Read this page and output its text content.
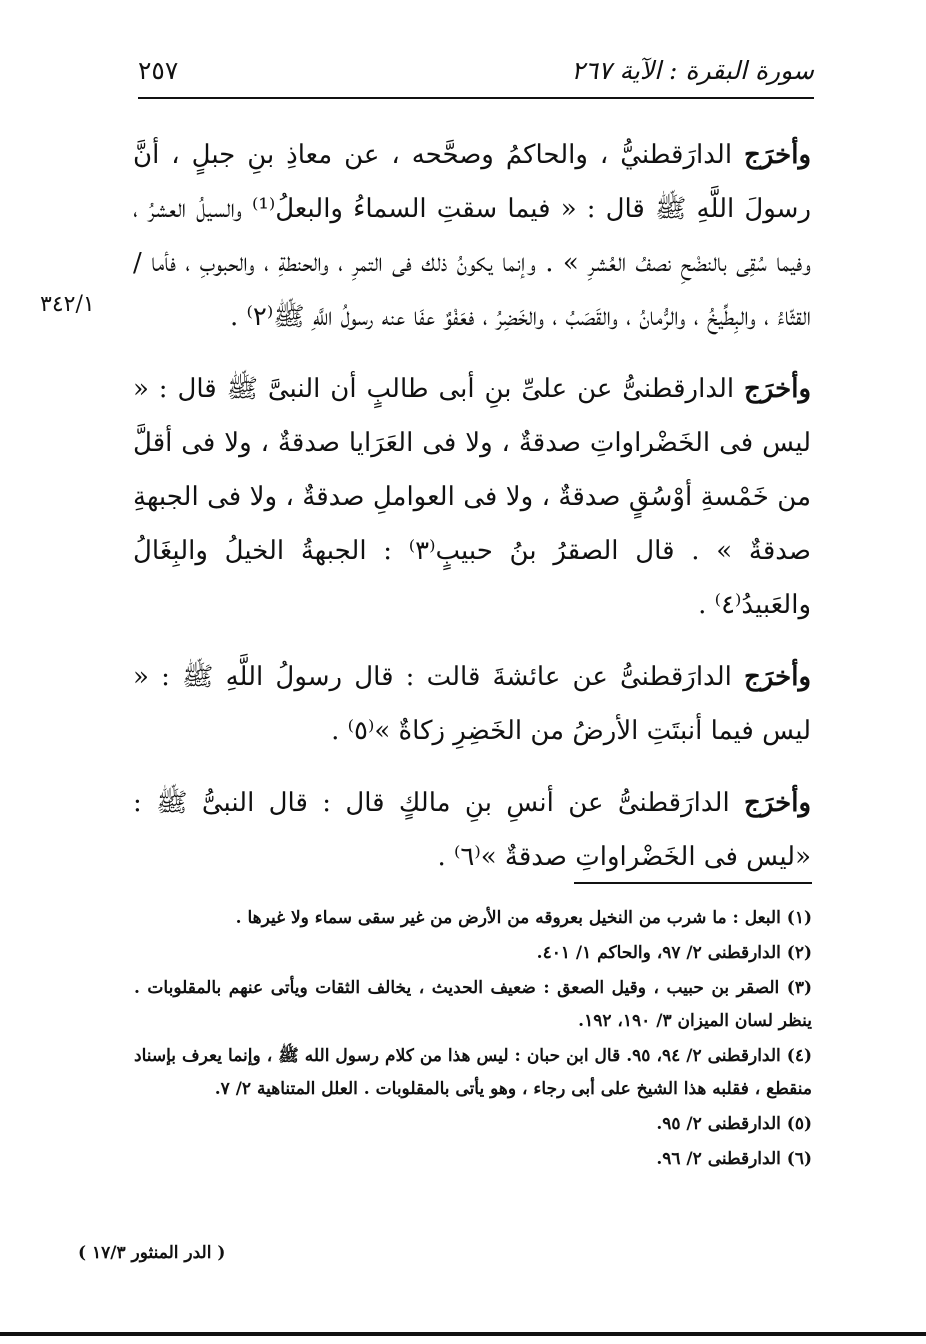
سورة البقرة : الآية ٢٦٧
٢٥٧
٣٤٢/١

وأخرَج الدارَقطنيُّ ، والحاكمُ وصحَّحه ، عن معاذِ بنِ جبلٍ ، أنَّ رسولَ اللَّهِ ﷺ قال : « فيما سقتِ السماءُ والبعلُ⁽¹⁾ والسيلُ العشرُ ، وفيما سُقِى بالنضْحِ نصفُ العُشرِ » . وإنما يكونُ ذلك فى التمرِ ، والحنطةِ ، والحبوبِ ، فأما / القثّاءُ ، والبِطِّيخُ ، والرُّمانُ ، والقَصَبُ ، والخَضِرُ ، فعَفْوٌ عفَا عنه رسولُ اللَّهِ ﷺ⁽٢⁾ .

وأخرَج الدارقطنىُّ عن علىِّ بنِ أبى طالبٍ أن النبىَّ ﷺ قال : « ليس فى الخَضْراواتِ صدقةٌ ، ولا فى العَرَايا صدقةٌ ، ولا فى أقلَّ من خَمْسةِ أوْسُقٍ صدقةٌ ، ولا فى العواملِ صدقةٌ ، ولا فى الجبهةِ صدقةٌ » . قال الصقرُ بنُ حبيبٍ⁽٣⁾ : الجبهةُ الخيلُ والبِغَالُ والعَبيدُ⁽٤⁾ .

وأخرَج الدارَقطنىُّ عن عائشةَ قالت : قال رسولُ اللَّهِ ﷺ : « ليس فيما أنبتَتِ الأرضُ من الخَضِرِ زكاةٌ »⁽٥⁾ .

وأخرَج الدارَقطنىُّ عن أنسِ بنِ مالكٍ قال : قال النبىُّ ﷺ : «ليس فى الخَضْراواتِ صدقةٌ »⁽٦⁾ .

(١) البعل : ما شرب من النخيل بعروقه من الأرض من غير سقى سماء ولا غيرها .

(٢) الدارقطنى ٢/ ٩٧، والحاكم ١/ ٤٠١.

(٣) الصقر بن حبيب ، وقيل الصعق : ضعيف الحديث ، يخالف الثقات ويأتى عنهم بالمقلوبات . ينظر لسان الميزان ٣/ ١٩٠، ١٩٢.

(٤) الدارقطنى ٢/ ٩٤، ٩٥. قال ابن حبان : ليس هذا من كلام رسول الله ﷺ ، وإنما يعرف بإسناد منقطع ، فقلبه هذا الشيخ على أبى رجاء ، وهو يأتى بالمقلوبات . العلل المتناهية ٢/ ٧.

(٥) الدارقطنى ٢/ ٩٥.

(٦) الدارقطنى ٢/ ٩٦.

( الدر المنثور ١٧/٣ )
